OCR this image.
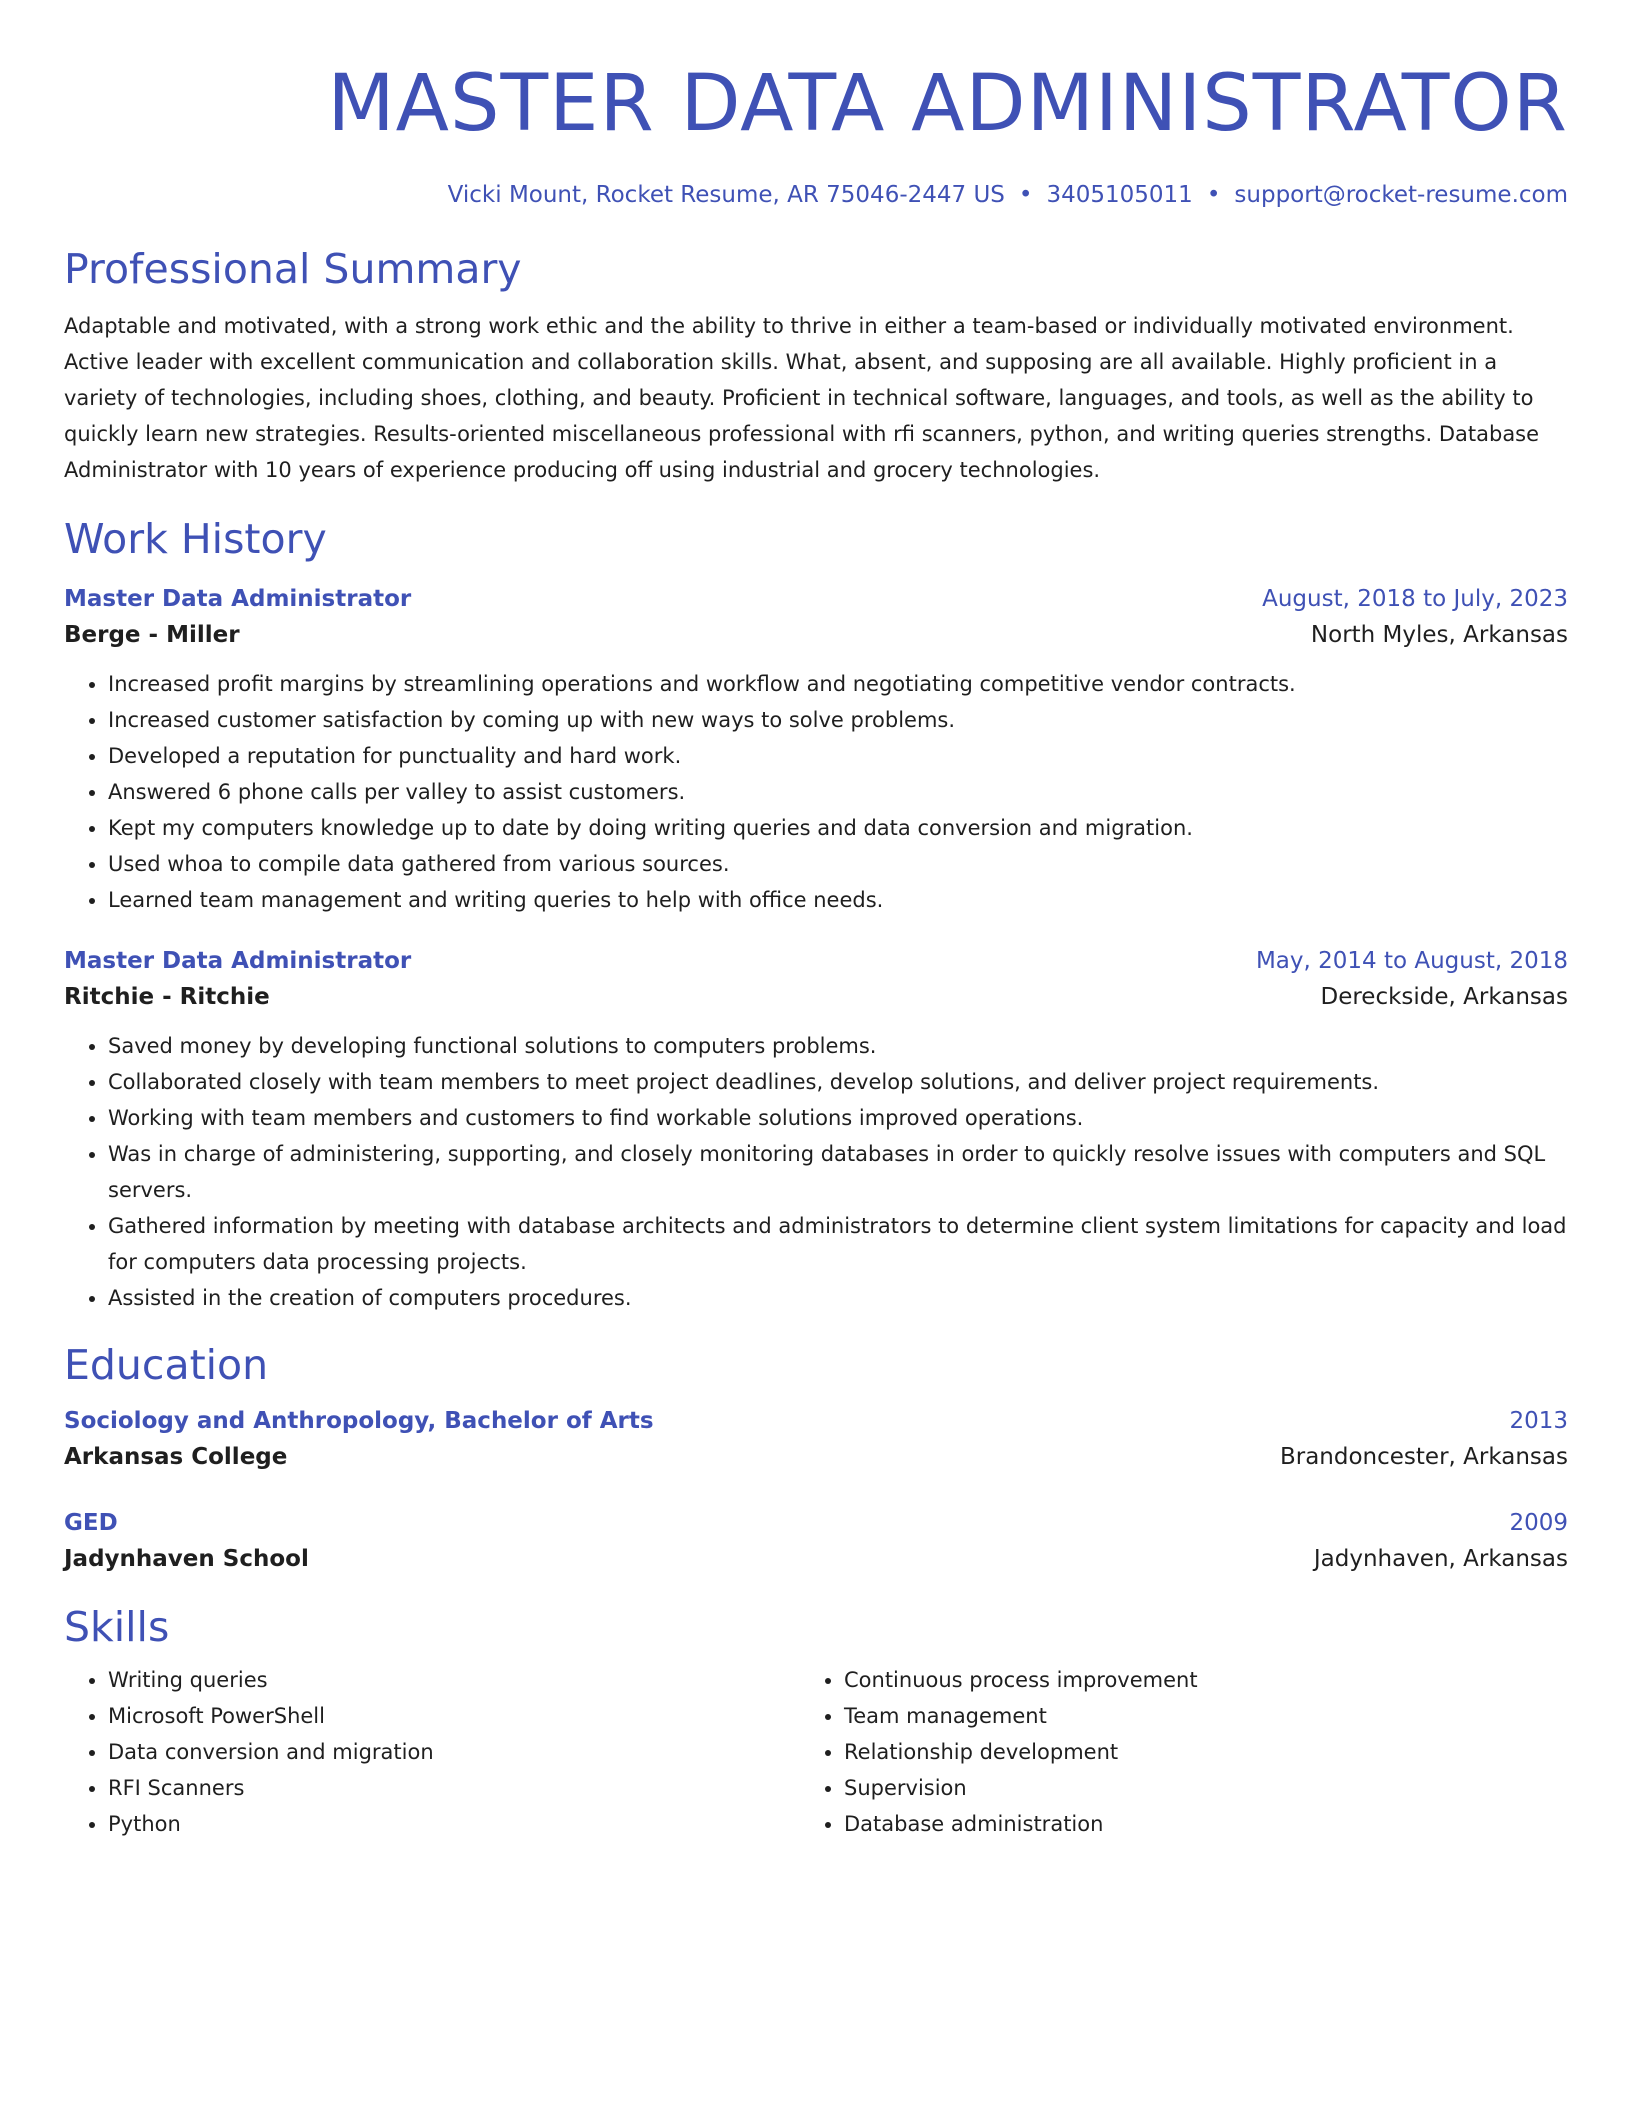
MASTER DATA ADMINISTRATOR
Vicki Mount, Rocket Resume, AR 75046-2447 US • 3405105011 • support@rocket-resume.com
Professional Summary
Adaptable and motivated, with a strong work ethic and the ability to thrive in either a team-based or individually motivated environment. Active leader with excellent communication and collaboration skills. What, absent, and supposing are all available. Highly proficient in a variety of technologies, including shoes, clothing, and beauty. Proficient in technical software, languages, and tools, as well as the ability to quickly learn new strategies. Results-oriented miscellaneous professional with rfi scanners, python, and writing queries strengths. Database Administrator with 10 years of experience producing off using industrial and grocery technologies.
Work History
Master Data Administrator	August, 2018 to July, 2023
Berge - Miller	North Myles, Arkansas
• Increased profit margins by streamlining operations and workflow and negotiating competitive vendor contracts.
• Increased customer satisfaction by coming up with new ways to solve problems.
• Developed a reputation for punctuality and hard work.
• Answered 6 phone calls per valley to assist customers.
• Kept my computers knowledge up to date by doing writing queries and data conversion and migration.
• Used whoa to compile data gathered from various sources.
• Learned team management and writing queries to help with office needs.
Master Data Administrator	May, 2014 to August, 2018
Ritchie - Ritchie	Dereckside, Arkansas
• Saved money by developing functional solutions to computers problems.
• Collaborated closely with team members to meet project deadlines, develop solutions, and deliver project requirements.
• Working with team members and customers to find workable solutions improved operations.
• Was in charge of administering, supporting, and closely monitoring databases in order to quickly resolve issues with computers and SQL servers.
• Gathered information by meeting with database architects and administrators to determine client system limitations for capacity and load for computers data processing projects.
• Assisted in the creation of computers procedures.
Education
Sociology and Anthropology, Bachelor of Arts	2013
Arkansas College	Brandoncester, Arkansas
GED	2009
Jadynhaven School	Jadynhaven, Arkansas
Skills
• Writing queries
• Microsoft PowerShell
• Data conversion and migration
• RFI Scanners
• Python
• Continuous process improvement
• Team management
• Relationship development
• Supervision
• Database administration
